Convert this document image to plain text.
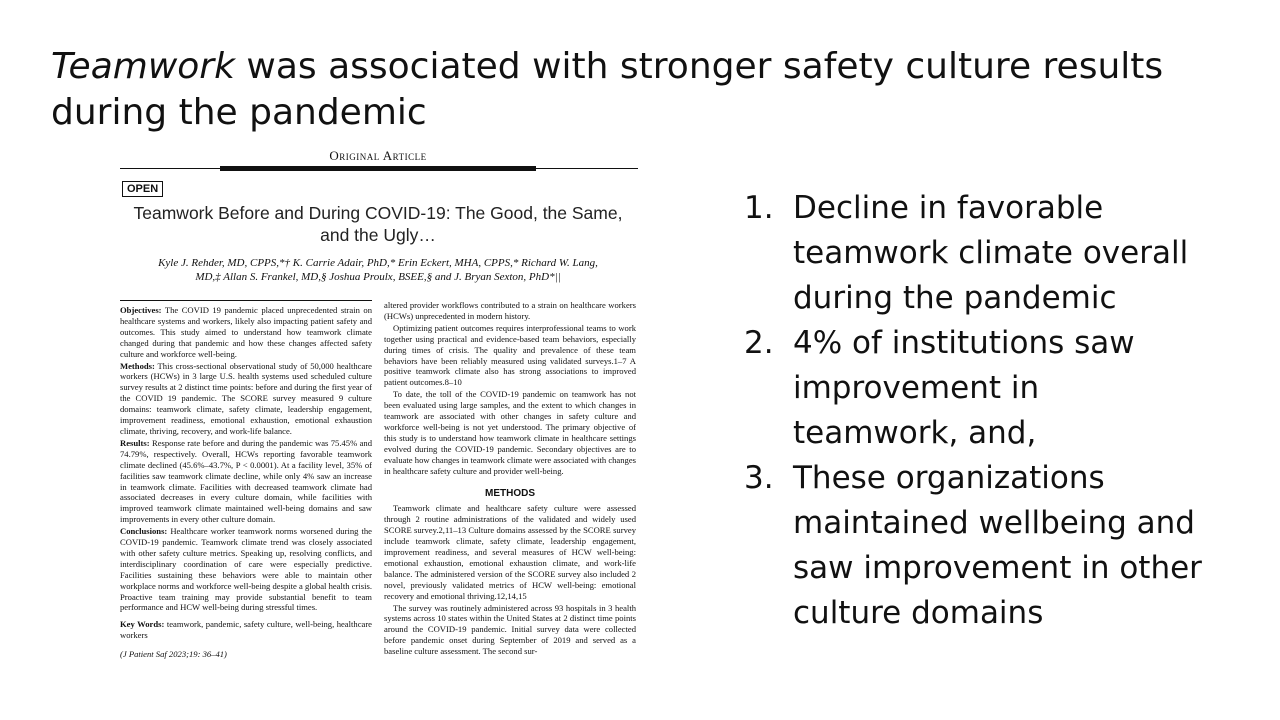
Teamwork was associated with stronger safety culture results during the pandemic
Original Article
OPEN
Teamwork Before and During COVID-19: The Good, the Same, and the Ugly…
Kyle J. Rehder, MD, CPPS,*† K. Carrie Adair, PhD,* Erin Eckert, MHA, CPPS,* Richard W. Lang, MD,‡ Allan S. Frankel, MD,§ Joshua Proulx, BSEE,§ and J. Bryan Sexton, PhD*||

Objectives: The COVID 19 pandemic placed unprecedented strain on healthcare systems and workers, likely also impacting patient safety and outcomes. This study aimed to understand how teamwork climate changed during that pandemic and how these changes affected safety culture and workforce well-being.

Methods: This cross-sectional observational study of 50,000 healthcare workers (HCWs) in 3 large U.S. health systems used scheduled culture survey results at 2 distinct time points: before and during the first year of the COVID 19 pandemic. The SCORE survey measured 9 culture domains: teamwork climate, safety climate, leadership engagement, improvement readiness, emotional exhaustion, emotional exhaustion climate, thriving, recovery, and work-life balance.

Results: Response rate before and during the pandemic was 75.45% and 74.79%, respectively. Overall, HCWs reporting favorable teamwork climate declined (45.6%–43.7%, P < 0.0001). At a facility level, 35% of facilities saw teamwork climate decline, while only 4% saw an increase in teamwork climate. Facilities with decreased teamwork climate had associated decreases in every culture domain, while facilities with improved teamwork climate maintained well-being domains and saw improvements in every other culture domain.

Conclusions: Healthcare worker teamwork norms worsened during the COVID-19 pandemic. Teamwork climate trend was closely associated with other safety culture metrics. Speaking up, resolving conflicts, and interdisciplinary coordination of care were especially predictive. Facilities sustaining these behaviors were able to maintain other workplace norms and workforce well-being despite a global health crisis. Proactive team training may provide substantial benefit to team performance and HCW well-being during stressful times.

Key Words: teamwork, pandemic, safety culture, well-being, healthcare workers

(J Patient Saf 2023;19: 36–41)

altered provider workflows contributed to a strain on healthcare workers (HCWs) unprecedented in modern history.

Optimizing patient outcomes requires interprofessional teams to work together using practical and evidence-based team behaviors, especially during times of crisis. The quality and prevalence of these team behaviors have been reliably measured using validated surveys.1–7 A positive teamwork climate also has strong associations to improved patient outcomes.8–10

To date, the toll of the COVID-19 pandemic on teamwork has not been evaluated using large samples, and the extent to which changes in teamwork are associated with other changes in safety culture and workforce well-being is not yet understood. The primary objective of this study is to understand how teamwork climate in healthcare settings evolved during the COVID-19 pandemic. Secondary objectives are to evaluate how changes in teamwork climate were associated with changes in healthcare safety culture and provider well-being.

METHODS

Teamwork climate and healthcare safety culture were assessed through 2 routine administrations of the validated and widely used SCORE survey.2,11–13 Culture domains assessed by the SCORE survey include teamwork climate, safety climate, leadership engagement, improvement readiness, and several measures of HCW well-being: emotional exhaustion, emotional exhaustion climate, and work-life balance. The administered version of the SCORE survey also included 2 novel, previously validated metrics of HCW well-being: emotional recovery and emotional thriving.12,14,15

The survey was routinely administered across 93 hospitals in 3 health systems across 10 states within the United States at 2 distinct time points around the COVID-19 pandemic. Initial survey data were collected before pandemic onset during September of 2019 and served as a baseline culture assessment. The second sur-

1. Decline in favorable teamwork climate overall during the pandemic
2. 4% of institutions saw improvement in teamwork, and,
3. These organizations maintained wellbeing and saw improvement in other culture domains
